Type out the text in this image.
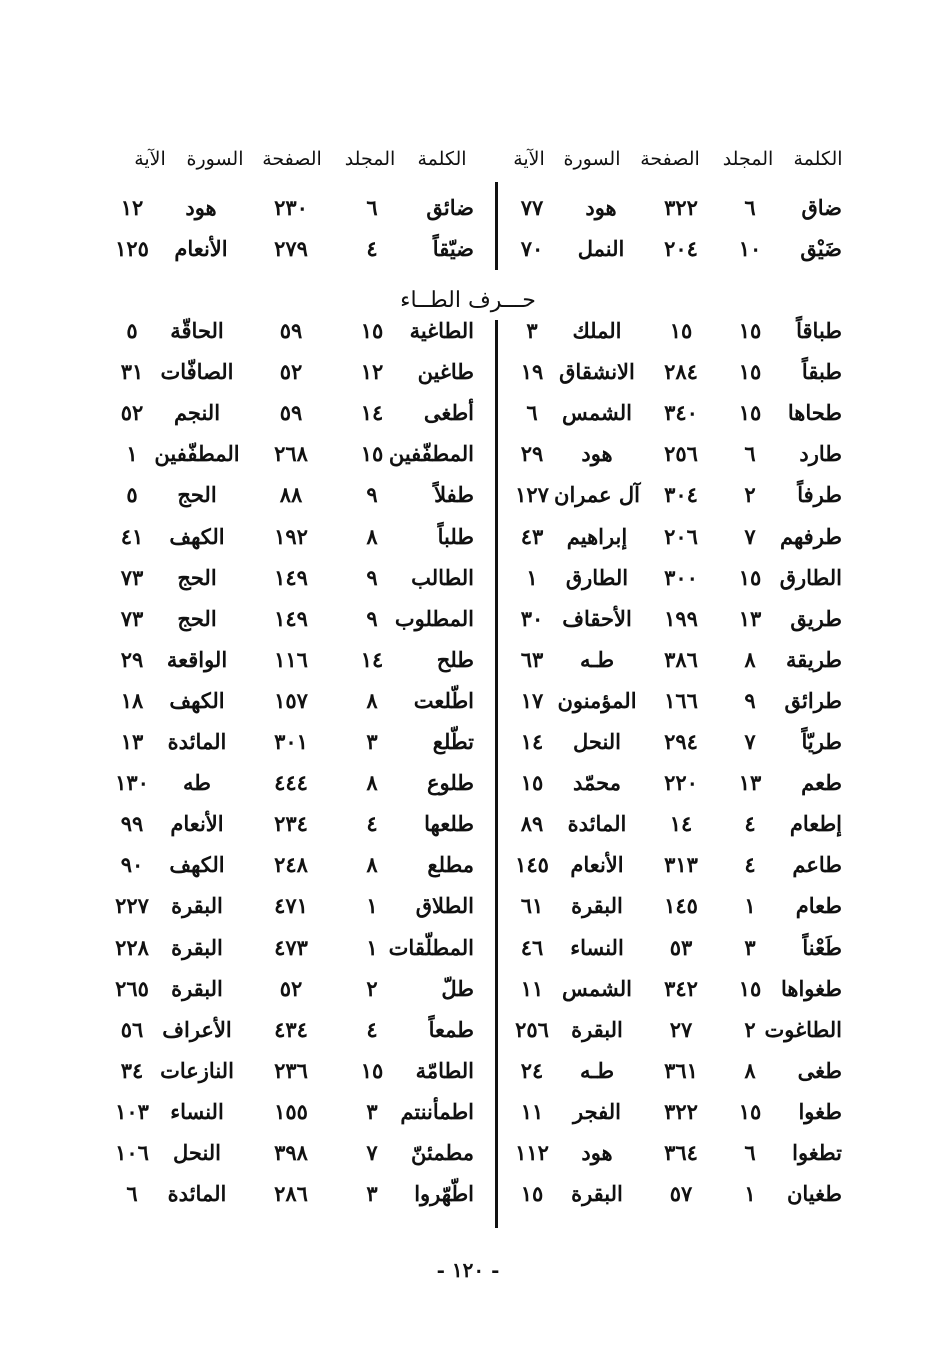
الكلمة
المجلد
الصفحة
السورة
الآية
الكلمة
المجلد
الصفحة
السورة
الآية
ضاق
٦
٣٢٢
هود
٧٧
ضائق
٦
٢٣٠
هود
١٢
ضَيْق
١٠
٢٠٤
النمل
٧٠
ضيّقاً
٤
٢٧٩
الأنعام
١٢٥
حـــرف الطــاء
طباقاً
١٥
١٥
الملك
٣
الطاغية
١٥
٥٩
الحاقّة
٥
طبقاً
١٥
٢٨٤
الانشقاق
١٩
طاغين
١٢
٥٢
الصافّات
٣١
طحاها
١٥
٣٤٠
الشمس
٦
أطغى
١٤
٥٩
النجم
٥٢
طارد
٦
٢٥٦
هود
٢٩
المطفّفين
١٥
٢٦٨
المطفّفين
١
طرفاً
٢
٣٠٤
آل عمران
١٢٧
طفلاً
٩
٨٨
الحج
٥
طرفهم
٧
٢٠٦
إبراهيم
٤٣
طلباً
٨
١٩٢
الكهف
٤١
الطارق
١٥
٣٠٠
الطارق
١
الطالب
٩
١٤٩
الحج
٧٣
طريق
١٣
١٩٩
الأحقاف
٣٠
المطلوب
٩
١٤٩
الحج
٧٣
طريقة
٨
٣٨٦
طـه
٦٣
طلح
١٤
١١٦
الواقعة
٢٩
طرائق
٩
١٦٦
المؤمنون
١٧
اطّلعت
٨
١٥٧
الكهف
١٨
طريّاً
٧
٢٩٤
النحل
١٤
تطّلع
٣
٣٠١
المائدة
١٣
طعم
١٣
٢٢٠
محمّد
١٥
طلوع
٨
٤٤٤
طه
١٣٠
إطعام
٤
١٤
المائدة
٨٩
طلعها
٤
٢٣٤
الأنعام
٩٩
طاعم
٤
٣١٣
الأنعام
١٤٥
مطلع
٨
٢٤٨
الكهف
٩٠
طعام
١
١٤٥
البقرة
٦١
الطلاق
١
٤٧١
البقرة
٢٢٧
طَعْناً
٣
٥٣
النساء
٤٦
المطلّقات
١
٤٧٣
البقرة
٢٢٨
طغواها
١٥
٣٤٢
الشمس
١١
طلّ
٢
٥٢
البقرة
٢٦٥
الطاغوت
٢
٢٧
البقرة
٢٥٦
طمعاً
٤
٤٣٤
الأعراف
٥٦
طغى
٨
٣٦١
طـه
٢٤
الطامّة
١٥
٢٣٦
النازعات
٣٤
طغوا
١٥
٣٢٢
الفجر
١١
اطمأننتم
٣
١٥٥
النساء
١٠٣
تطغوا
٦
٣٦٤
هود
١١٢
مطمئنّ
٧
٣٩٨
النحل
١٠٦
طغيان
١
٥٧
البقرة
١٥
اطّهّروا
٣
٢٨٦
المائدة
٦
- ١٢٠ -
